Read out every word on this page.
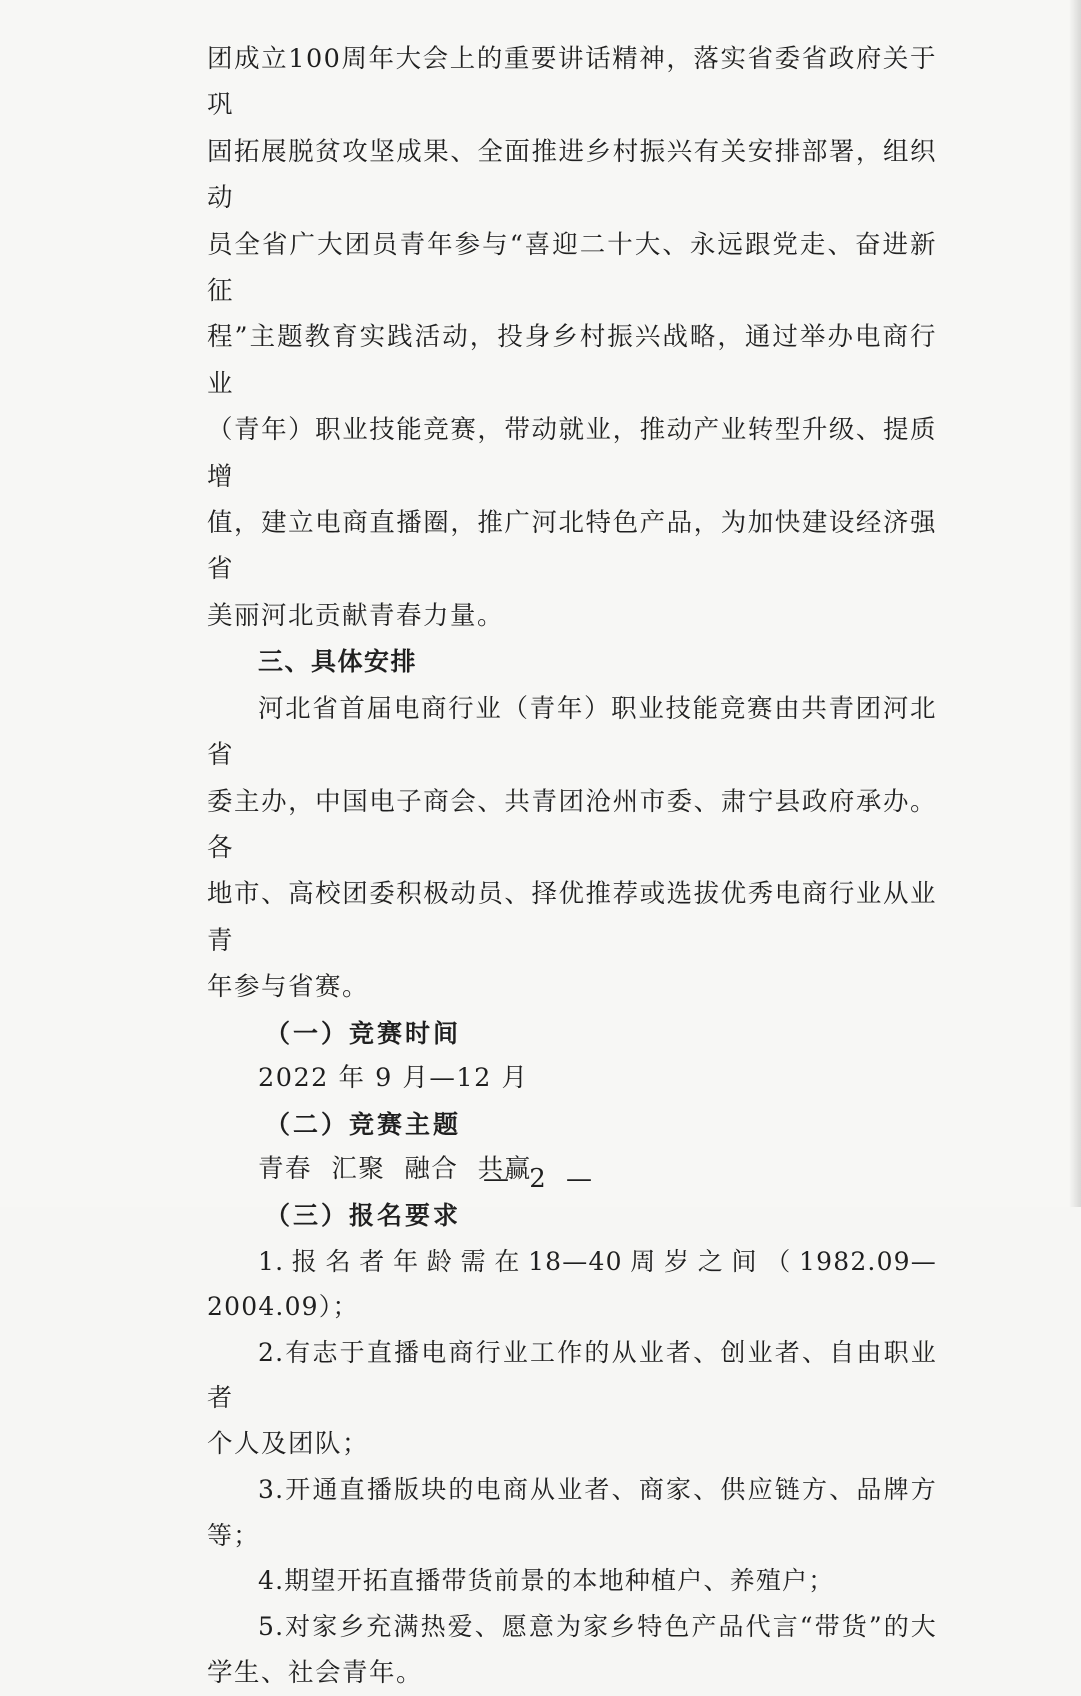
团成立100周年大会上的重要讲话精神，落实省委省政府关于巩

固拓展脱贫攻坚成果、全面推进乡村振兴有关安排部署，组织动

员全省广大团员青年参与“喜迎二十大、永远跟党走、奋进新征

程”主题教育实践活动，投身乡村振兴战略，通过举办电商行业

（青年）职业技能竞赛，带动就业，推动产业转型升级、提质增

值，建立电商直播圈，推广河北特色产品，为加快建设经济强省

美丽河北贡献青春力量。

三、具体安排

河北省首届电商行业（青年）职业技能竞赛由共青团河北省

委主办，中国电子商会、共青团沧州市委、肃宁县政府承办。各

地市、高校团委积极动员、择优推荐或选拔优秀电商行业从业青

年参与省赛。

（一）竞赛时间

2022 年 9 月—12 月

（二）竞赛主题

青春  汇聚  融合  共赢

（三）报名要求

1.报名者年龄需在18—40周岁之间（1982.09—2004.09）；

2.有志于直播电商行业工作的从业者、创业者、自由职业者

个人及团队；

3.开通直播版块的电商从业者、商家、供应链方、品牌方等；

4.期望开拓直播带货前景的本地种植户、养殖户；

5.对家乡充满热爱、愿意为家乡特色产品代言“带货”的大

学生、社会青年。

— 2 —
